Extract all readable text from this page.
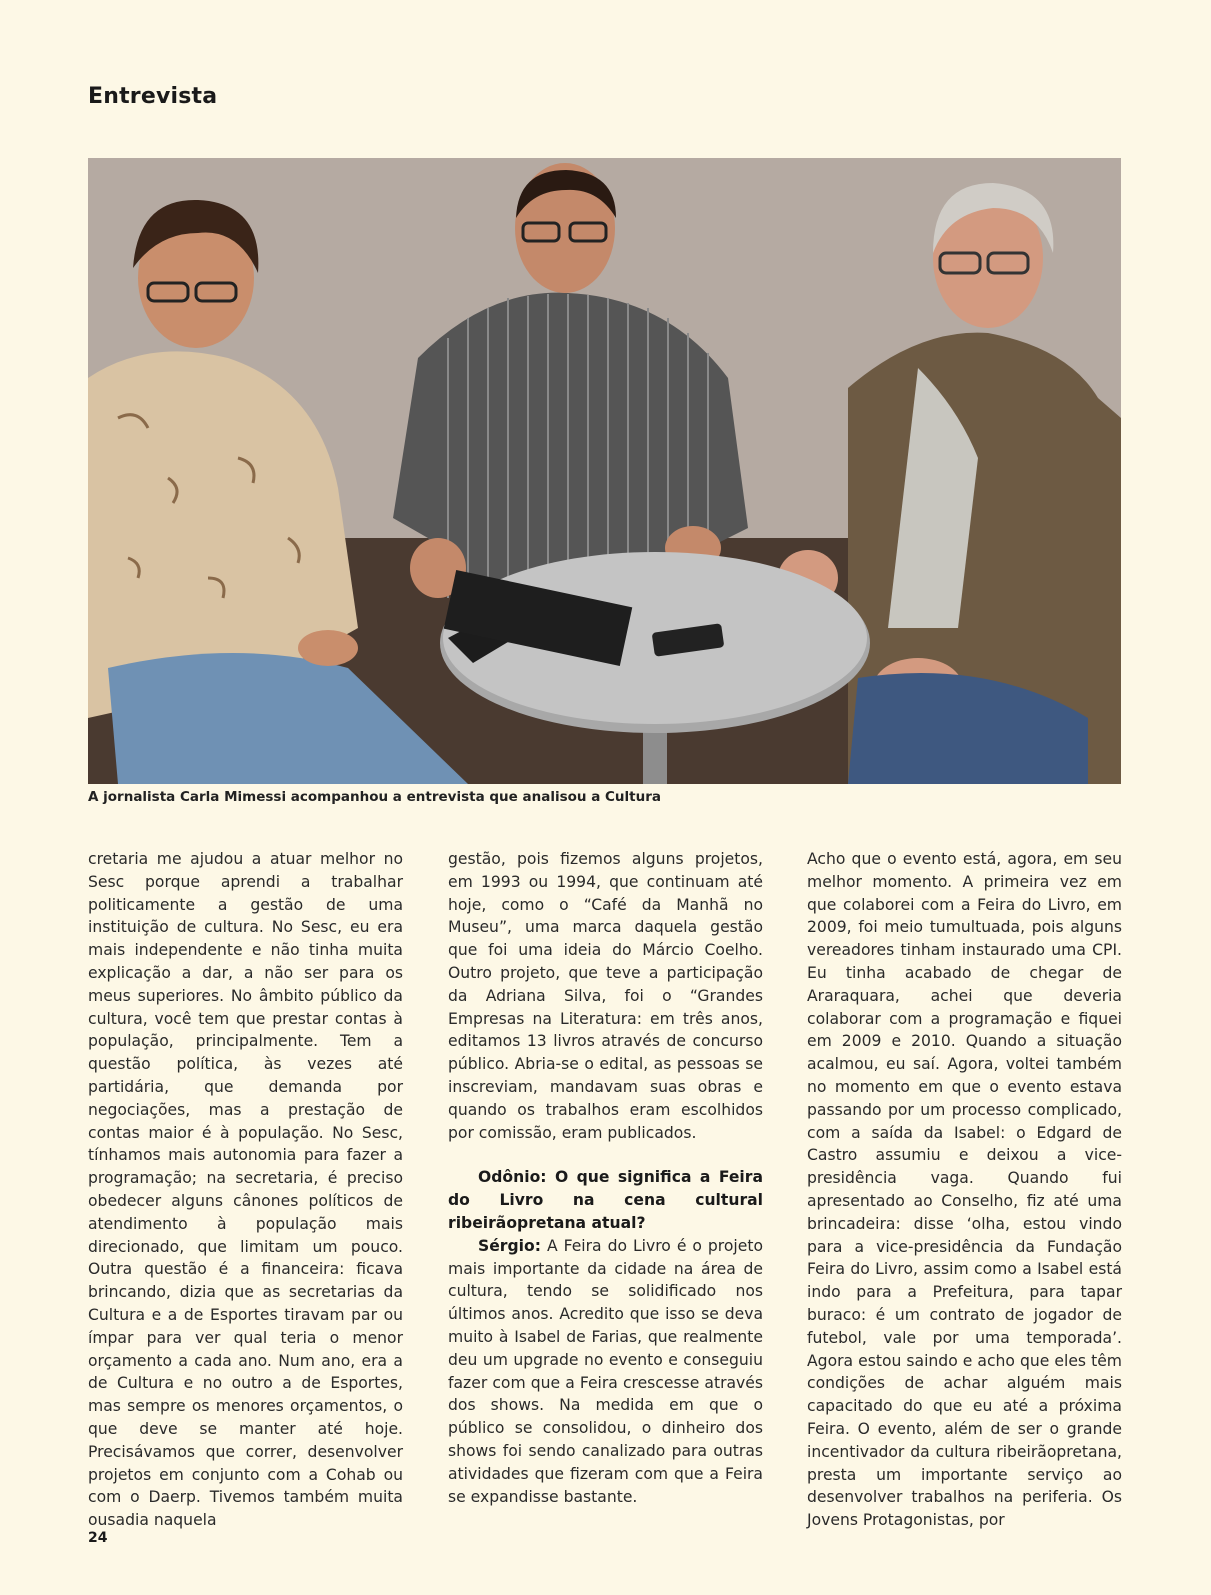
Entrevista
A jornalista Carla Mimessi acompanhou a entrevista que analisou a Cultura

cretaria me ajudou a atuar melhor no Sesc porque aprendi a trabalhar politicamente a gestão de uma instituição de cultura. No Sesc, eu era mais independente e não tinha muita explicação a dar, a não ser para os meus superiores. No âmbito público da cultura, você tem que prestar contas à população, principalmente. Tem a questão política, às vezes até partidária, que demanda por negociações, mas a prestação de contas maior é à população. No Sesc, tínhamos mais autonomia para fazer a programação; na secretaria, é preciso obedecer alguns cânones políticos de atendimento à população mais direcionado, que limitam um pouco. Outra questão é a financeira: ficava brincando, dizia que as secretarias da Cultura e a de Esportes tiravam par ou ímpar para ver qual teria o menor orçamento a cada ano. Num ano, era a de Cultura e no outro a de Esportes, mas sempre os menores orçamentos, o que deve se manter até hoje. Precisávamos que correr, desenvolver projetos em conjunto com a Cohab ou com o Daerp. Tivemos também muita ousadia naquela

gestão, pois fizemos alguns projetos, em 1993 ou 1994, que continuam até hoje, como o “Café da Manhã no Museu”, uma marca daquela gestão que foi uma ideia do Márcio Coelho. Outro projeto, que teve a participação da Adriana Silva, foi o “Grandes Empresas na Literatura: em três anos, editamos 13 livros através de concurso público. Abria-se o edital, as pessoas se inscreviam, mandavam suas obras e quando os trabalhos eram escolhidos por comissão, eram publicados.

Odônio: O que significa a Feira do Livro na cena cultural ribeirãopretana atual?

Sérgio: A Feira do Livro é o projeto mais importante da cidade na área de cultura, tendo se solidificado nos últimos anos. Acredito que isso se deva muito à Isabel de Farias, que realmente deu um upgrade no evento e conseguiu fazer com que a Feira crescesse através dos shows. Na medida em que o público se consolidou, o dinheiro dos shows foi sendo canalizado para outras atividades que fizeram com que a Feira se expandisse bastante.

Acho que o evento está, agora, em seu melhor momento. A primeira vez em que colaborei com a Feira do Livro, em 2009, foi meio tumultuada, pois alguns vereadores tinham instaurado uma CPI. Eu tinha acabado de chegar de Araraquara, achei que deveria colaborar com a programação e fiquei em 2009 e 2010. Quando a situação acalmou, eu saí. Agora, voltei também no momento em que o evento estava passando por um processo complicado, com a saída da Isabel: o Edgard de Castro assumiu e deixou a vice-presidência vaga. Quando fui apresentado ao Conselho, fiz até uma brincadeira: disse ‘olha, estou vindo para a vice-presidência da Fundação Feira do Livro, assim como a Isabel está indo para a Prefeitura, para tapar buraco: é um contrato de jogador de futebol, vale por uma temporada’. Agora estou saindo e acho que eles têm condições de achar alguém mais capacitado do que eu até a próxima Feira. O evento, além de ser o grande incentivador da cultura ribeirãopretana, presta um importante serviço ao desenvolver trabalhos na periferia. Os Jovens Protagonistas, por

24
